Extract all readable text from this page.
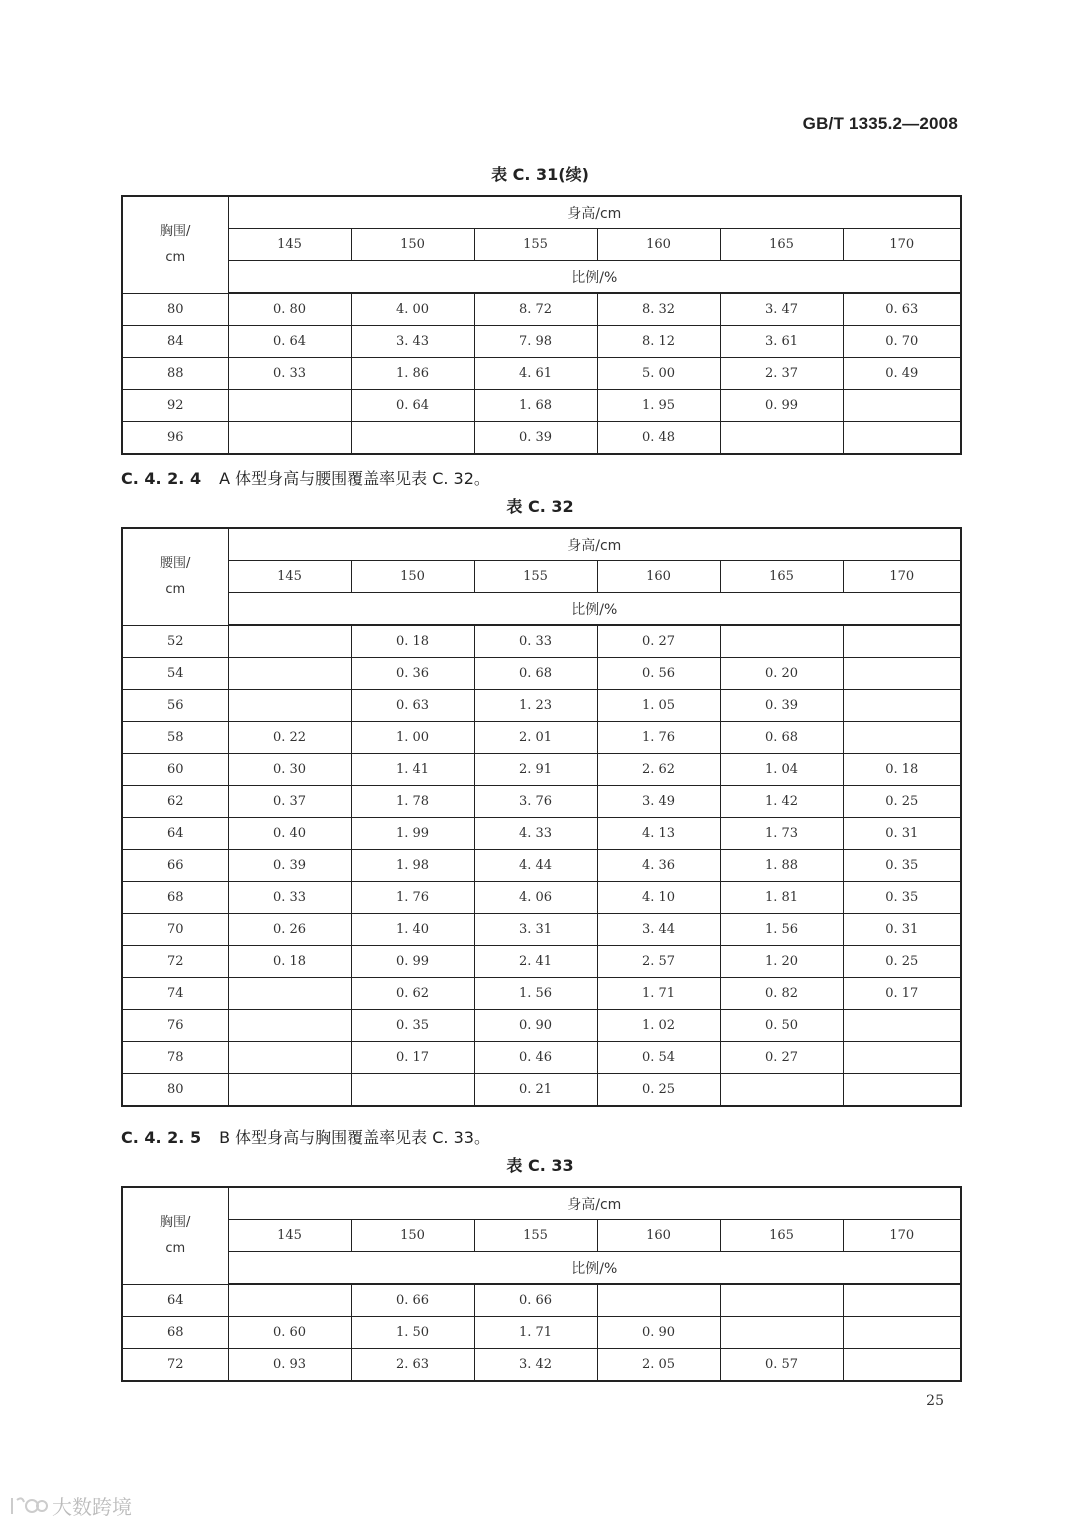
GB/T 1335.2—2008
表 C. 31(续)
胸围/
cm	身高/cm					
	145	150	155	160	165	170
	比例/%					
80	0. 80	4. 00	8. 72	8. 32	3. 47	0. 63
84	0. 64	3. 43	7. 98	8. 12	3. 61	0. 70
88	0. 33	1. 86	4. 61	5. 00	2. 37	0. 49
92		0. 64	1. 68	1. 95	0. 99	
96			0. 39	0. 48		
C. 4. 2. 4 A 体型身高与腰围覆盖率见表 C. 32。
表 C. 32
腰围/
cm	身高/cm					
	145	150	155	160	165	170
	比例/%					
52		0. 18	0. 33	0. 27		
54		0. 36	0. 68	0. 56	0. 20	
56		0. 63	1. 23	1. 05	0. 39	
58	0. 22	1. 00	2. 01	1. 76	0. 68	
60	0. 30	1. 41	2. 91	2. 62	1. 04	0. 18
62	0. 37	1. 78	3. 76	3. 49	1. 42	0. 25
64	0. 40	1. 99	4. 33	4. 13	1. 73	0. 31
66	0. 39	1. 98	4. 44	4. 36	1. 88	0. 35
68	0. 33	1. 76	4. 06	4. 10	1. 81	0. 35
70	0. 26	1. 40	3. 31	3. 44	1. 56	0. 31
72	0. 18	0. 99	2. 41	2. 57	1. 20	0. 25
74		0. 62	1. 56	1. 71	0. 82	0. 17
76		0. 35	0. 90	1. 02	0. 50	
78		0. 17	0. 46	0. 54	0. 27	
80			0. 21	0. 25		
C. 4. 2. 5 B 体型身高与胸围覆盖率见表 C. 33。
表 C. 33
胸围/
cm	身高/cm					
	145	150	155	160	165	170
	比例/%					
64		0. 66	0. 66			
68	0. 60	1. 50	1. 71	0. 90		
72	0. 93	2. 63	3. 42	2. 05	0. 57	
25
大数跨境
